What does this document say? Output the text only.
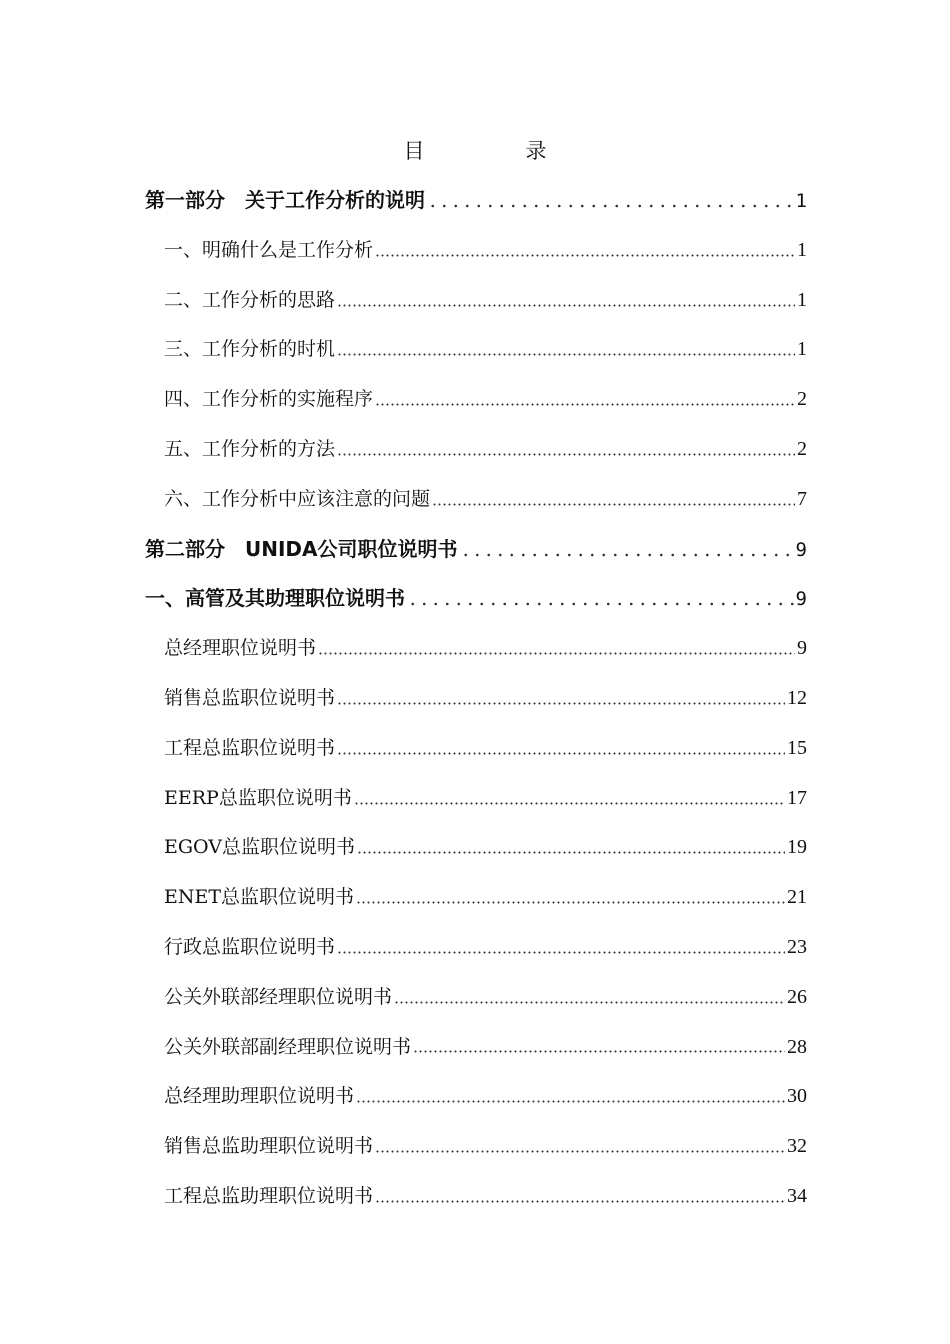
目　录
第一部分　关于工作分析的说明	1
一、明确什么是工作分析	1
二、工作分析的思路	1
三、工作分析的时机	1
四、工作分析的实施程序	2
五、工作分析的方法	2
六、工作分析中应该注意的问题	7
第二部分　UNIDA公司职位说明书	9
一、高管及其助理职位说明书	9
总经理职位说明书	9
销售总监职位说明书	12
工程总监职位说明书	15
EERP总监职位说明书	17
EGOV总监职位说明书	19
ENET总监职位说明书	21
行政总监职位说明书	23
公关外联部经理职位说明书	26
公关外联部副经理职位说明书	28
总经理助理职位说明书	30
销售总监助理职位说明书	32
工程总监助理职位说明书	34
